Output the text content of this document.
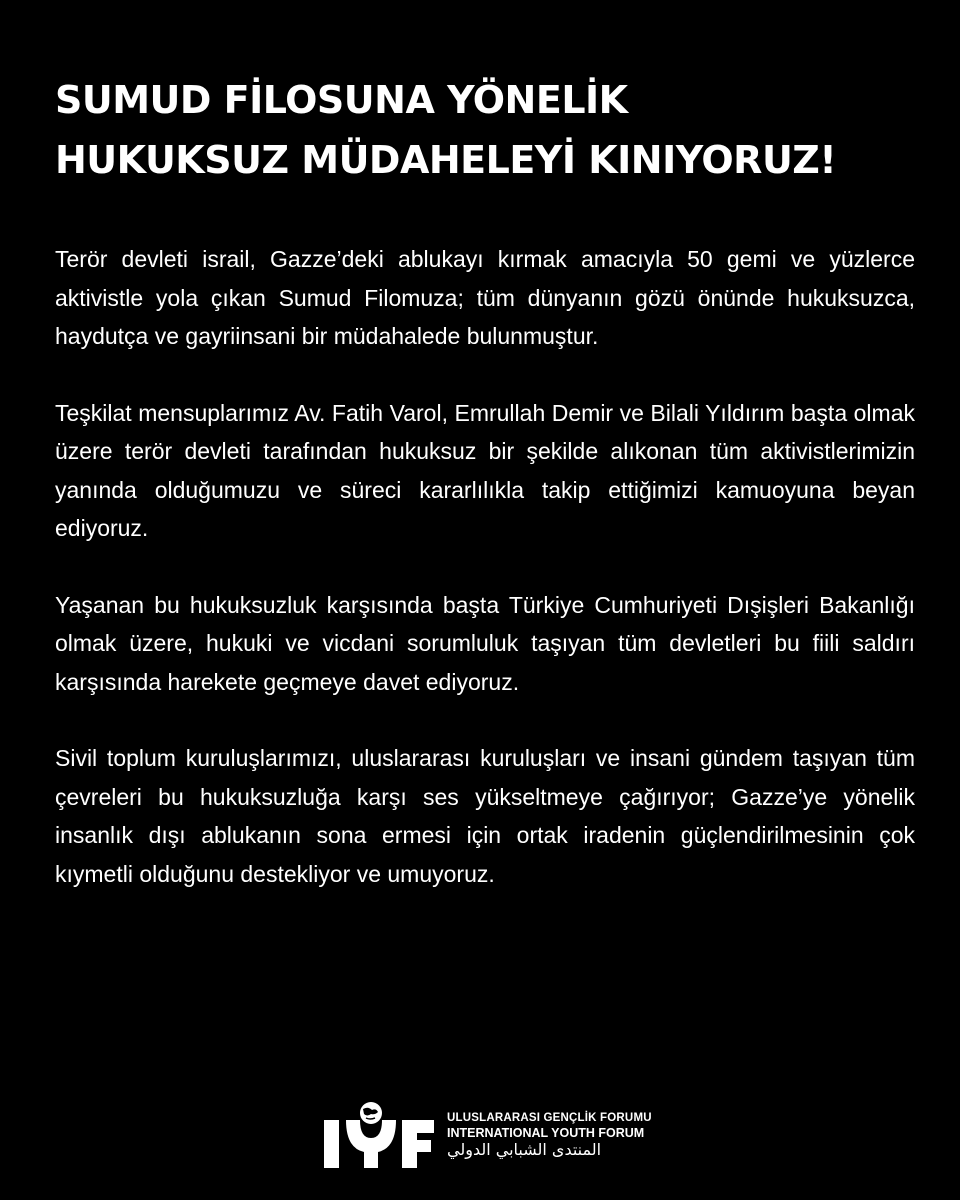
SUMUD FİLOSUNA YÖNELİK
HUKUKSUZ MÜDAHELEYİ KINIYORUZ!

Terör devleti israil, Gazze’deki ablukayı kırmak amacıyla 50 gemi ve yüzlerce aktivistle yola çıkan Sumud Filomuza; tüm dünyanın gözü önünde hukuksuzca, haydutça ve gayriinsani bir müdahalede bulunmuştur.

Teşkilat mensuplarımız Av. Fatih Varol, Emrullah Demir ve Bilali Yıldırım başta olmak üzere terör devleti tarafından hukuksuz bir şekilde alıkonan tüm aktivistlerimizin yanında olduğumuzu ve süreci kararlılıkla takip ettiğimizi kamuoyuna beyan ediyoruz.

Yaşanan bu hukuksuzluk karşısında başta Türkiye Cumhuriyeti Dışişleri Bakanlığı olmak üzere, hukuki ve vicdani sorumluluk taşıyan tüm devletleri bu fiili saldırı karşısında harekete geçmeye davet ediyoruz.

Sivil toplum kuruluşlarımızı, uluslararası kuruluşları ve insani gündem taşıyan tüm çevreleri bu hukuksuzluğa karşı ses yükseltmeye çağırıyor; Gazze’ye yönelik insanlık dışı ablukanın sona ermesi için ortak iradenin güçlendirilmesinin çok kıymetli olduğunu destekliyor ve umuyoruz.

ULUSLARARASI GENÇLİK FORUMU
INTERNATIONAL YOUTH FORUM
المنتدى الشبابي الدولي
